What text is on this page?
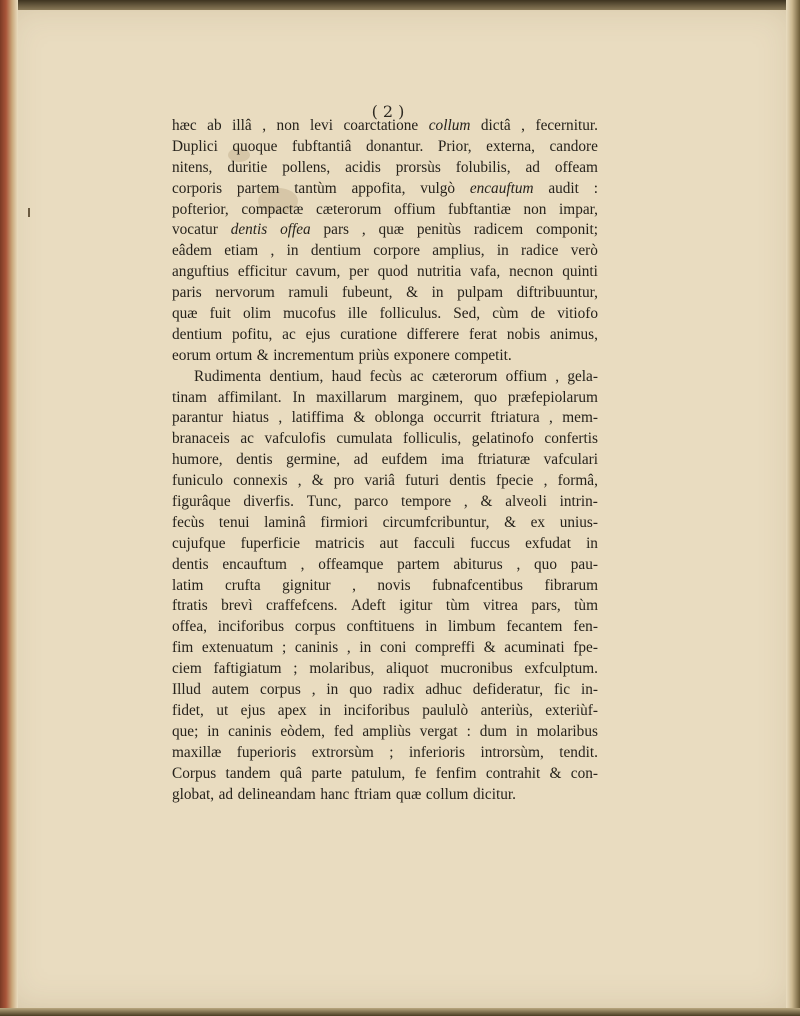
( 2 )
hæc ab illâ , non levi coarctatione collum dictâ , fecernitur.
Duplici quoque fubftantiâ donantur. Prior, externa, candore
nitens, duritie pollens, acidis prorsùs folubilis, ad offeam
corporis partem tantùm appofita, vulgò encauftum audit :
pofterior, compactæ cæterorum offium fubftantiæ non impar,
vocatur dentis offea pars , quæ penitùs radicem componit;
eâdem etiam , in dentium corpore amplius, in radice verò
anguftius efficitur cavum, per quod nutritia vafa, necnon quinti
paris nervorum ramuli fubeunt, & in pulpam diftribuuntur,
quæ fuit olim mucofus ille folliculus. Sed, cùm de vitiofo
dentium pofitu, ac ejus curatione differere ferat nobis animus,
eorum ortum & incrementum priùs exponere competit.
Rudimenta dentium, haud fecùs ac cæterorum offium , gela-
tinam affimilant. In maxillarum marginem, quo præfepiolarum
parantur hiatus , latiffima & oblonga occurrit ftriatura , mem-
branaceis ac vafculofis cumulata folliculis, gelatinofo confertis
humore, dentis germine, ad eufdem ima ftriaturæ vafculari
funiculo connexis , & pro variâ futuri dentis fpecie , formâ,
figurâque diverfis. Tunc, parco tempore , & alveoli intrin-
fecùs tenui laminâ firmiori circumfcribuntur, & ex unius-
cujufque fuperficie matricis aut facculi fuccus exfudat in
dentis encauftum , offeamque partem abiturus , quo pau-
latim crufta gignitur , novis fubnafcentibus fibrarum
ftratis brevì craffefcens. Adeft igitur tùm vitrea pars, tùm
offea, inciforibus corpus conftituens in limbum fecantem fen-
fim extenuatum ; caninis , in coni compreffi & acuminati fpe-
ciem faftigiatum ; molaribus, aliquot mucronibus exfculptum.
Illud autem corpus , in quo radix adhuc defideratur, fic in-
fidet, ut ejus apex in inciforibus paululò anteriùs, exteriùf-
que; in caninis eòdem, fed ampliùs vergat : dum in molaribus
maxillæ fuperioris extrorsùm ; inferioris introrsùm, tendit.
Corpus tandem quâ parte patulum, fe fenfim contrahit & con-
globat, ad delineandam hanc ftriam quæ collum dicitur.
